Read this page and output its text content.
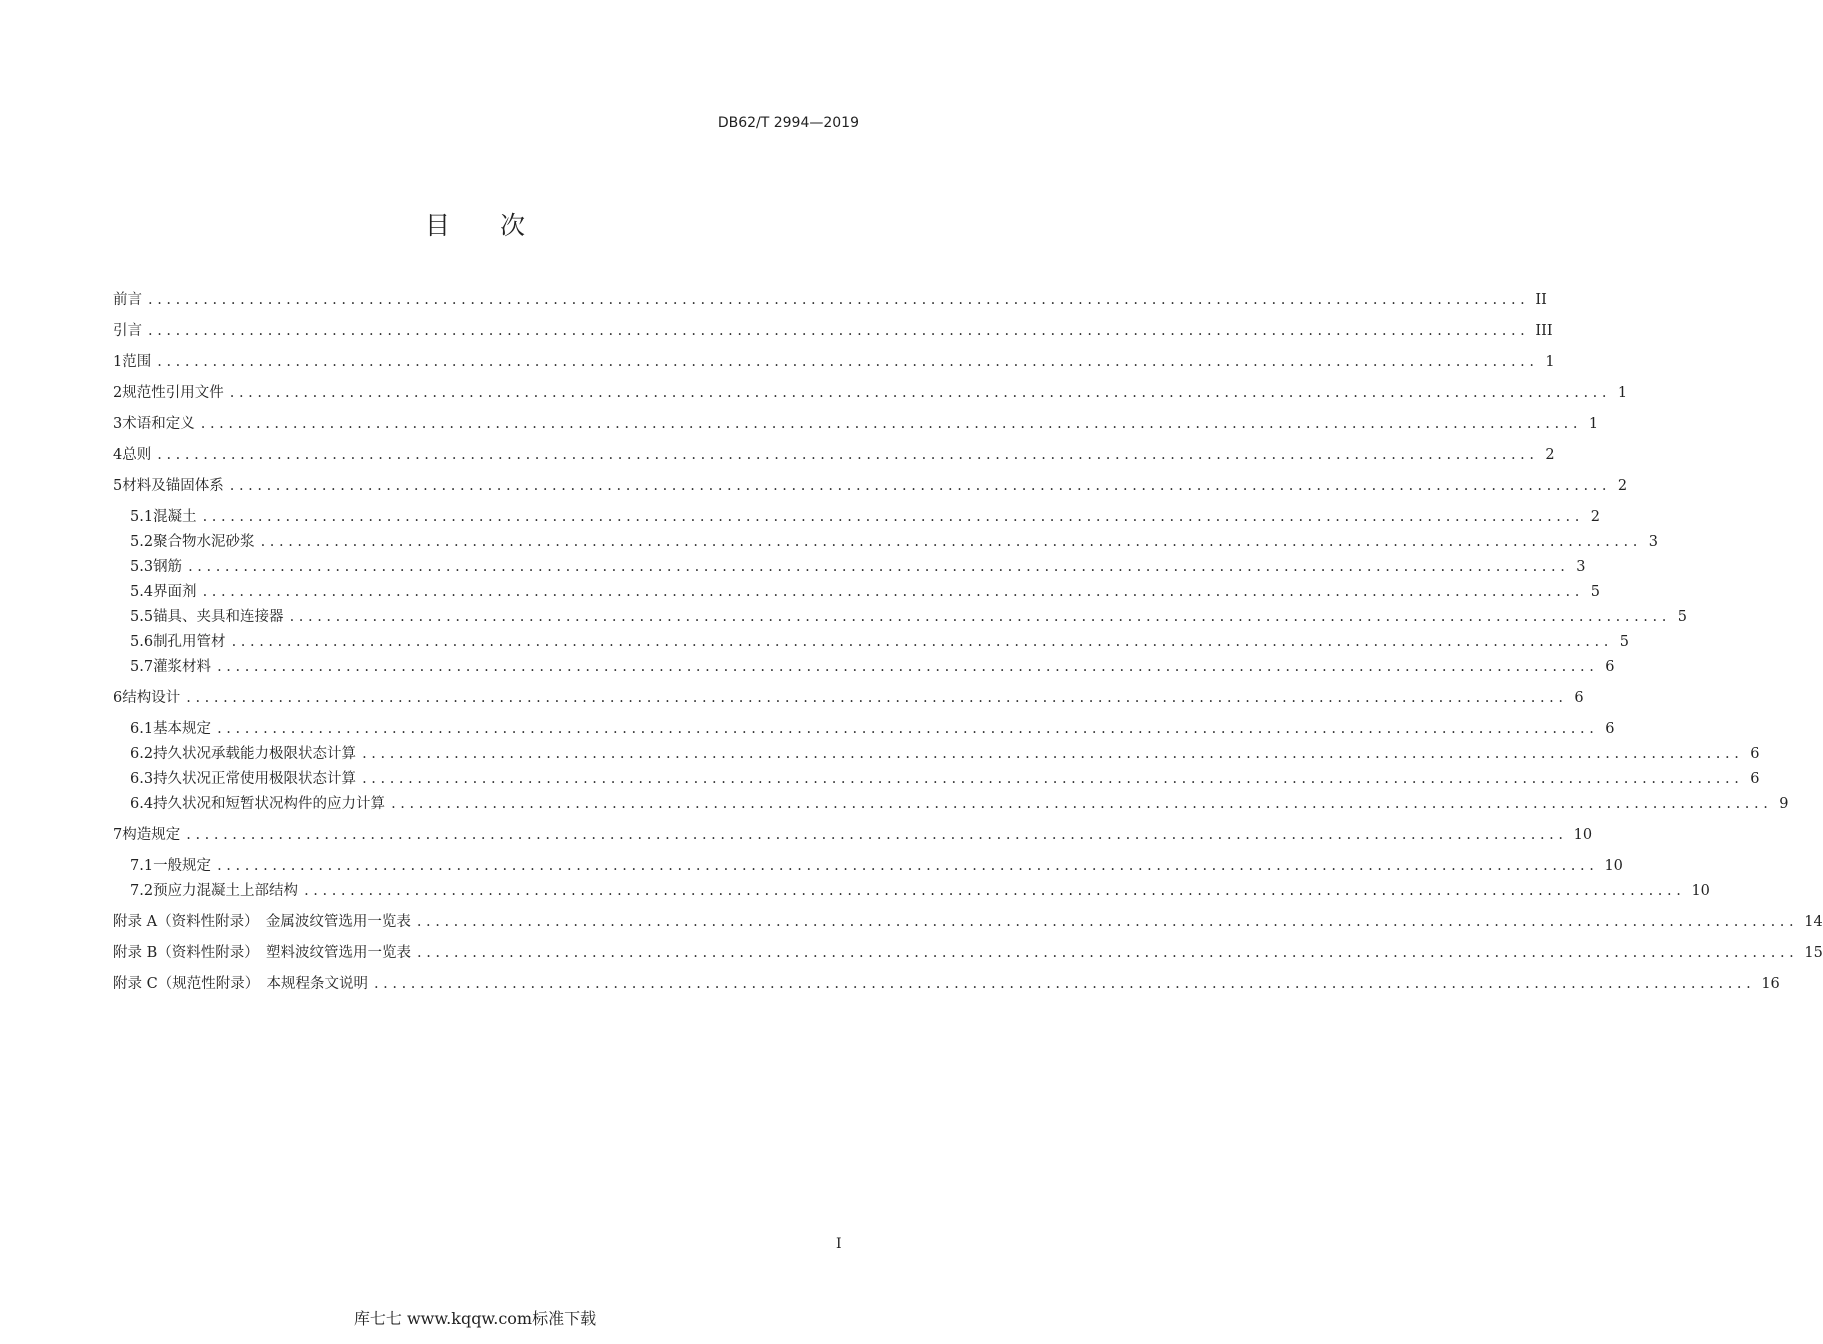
DB62/T 2994—2019
目次
前言 ...................................................................................................................................................... II
引言 ...................................................................................................................................................... III
1 范围 ...................................................................................................................................................... 1
2 规范性引用文件 ...................................................................................................................................................... 1
3 术语和定义 ...................................................................................................................................................... 1
4 总则 ...................................................................................................................................................... 2
5 材料及锚固体系 ...................................................................................................................................................... 2
5.1 混凝土 ...................................................................................................................................................... 2
5.2 聚合物水泥砂浆 ...................................................................................................................................................... 3
5.3 钢筋 ...................................................................................................................................................... 3
5.4 界面剂 ...................................................................................................................................................... 5
5.5 锚具、夹具和连接器 ...................................................................................................................................................... 5
5.6 制孔用管材 ...................................................................................................................................................... 5
5.7 灌浆材料 ...................................................................................................................................................... 6
6 结构设计 ...................................................................................................................................................... 6
6.1 基本规定 ...................................................................................................................................................... 6
6.2 持久状况承载能力极限状态计算 ...................................................................................................................................................... 6
6.3 持久状况正常使用极限状态计算 ...................................................................................................................................................... 6
6.4 持久状况和短暂状况构件的应力计算 ...................................................................................................................................................... 9
7 构造规定 ...................................................................................................................................................... 10
7.1 一般规定 ...................................................................................................................................................... 10
7.2 预应力混凝土上部结构 ...................................................................................................................................................... 10
附录 A（资料性附录）　金属波纹管选用一览表 ...................................................................................................................................................... 14
附录 B（资料性附录）　塑料波纹管选用一览表 ...................................................................................................................................................... 15
附录 C（规范性附录）　本规程条文说明 ...................................................................................................................................................... 16
I
库七七 www.kqqw.com标准下载
